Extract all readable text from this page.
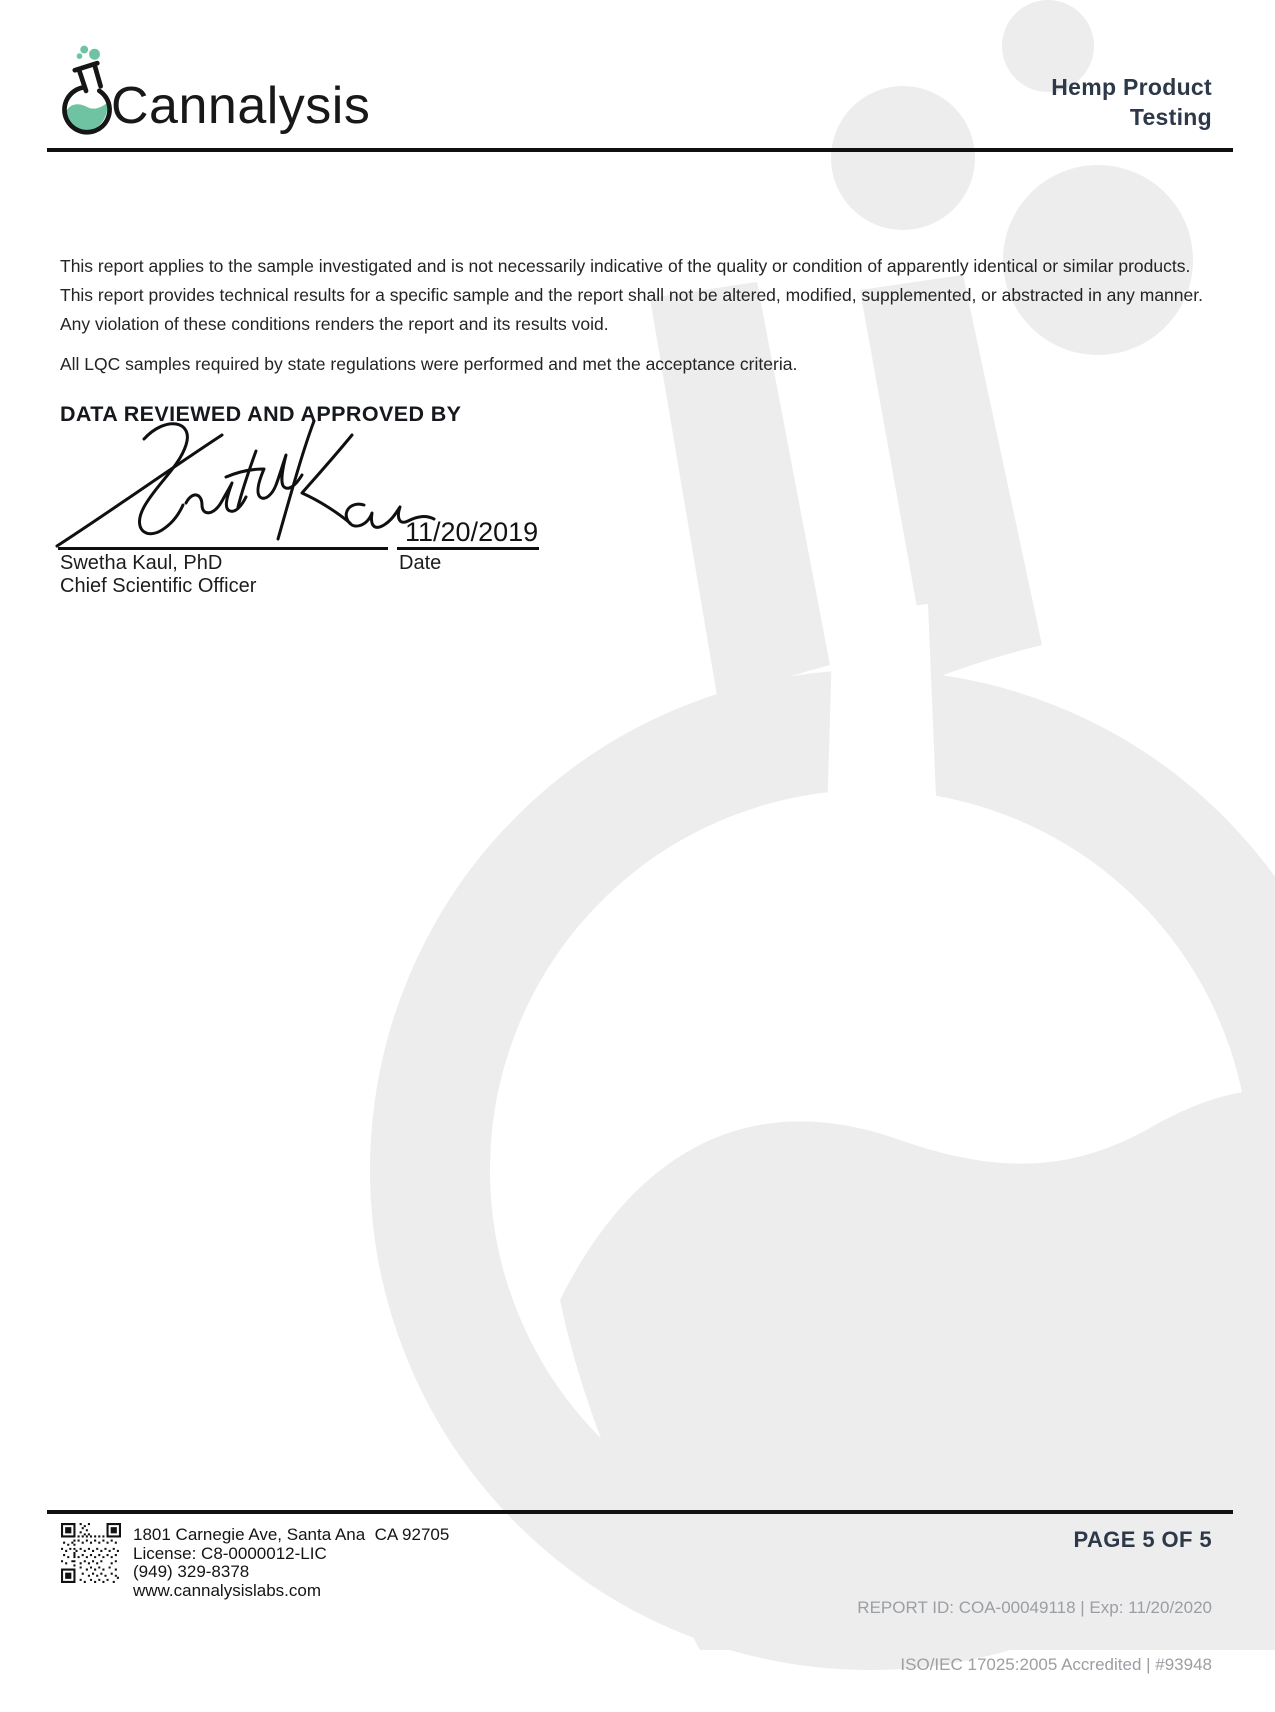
Cannalysis	Hemp Product
Testing
This report applies to the sample investigated and is not necessarily indicative of the quality or condition of apparently identical or similar products.
This report provides technical results for a specific sample and the report shall not be altered, modified, supplemented, or abstracted in any manner.
Any violation of these conditions renders the report and its results void.
All LQC samples required by state regulations were performed and met the acceptance criteria.
DATA REVIEWED AND APPROVED BY
11/20/2019
Swetha Kaul, PhD
Chief Scientific Officer
Date
1801 Carnegie Ave, Santa Ana  CA 92705
License: C8-0000012-LIC
(949) 329-8378
www.cannalysislabs.com
PAGE 5 OF 5

REPORT ID: COA-00049118 | Exp: 11/20/2020

ISO/IEC 17025:2005 Accredited | #93948
